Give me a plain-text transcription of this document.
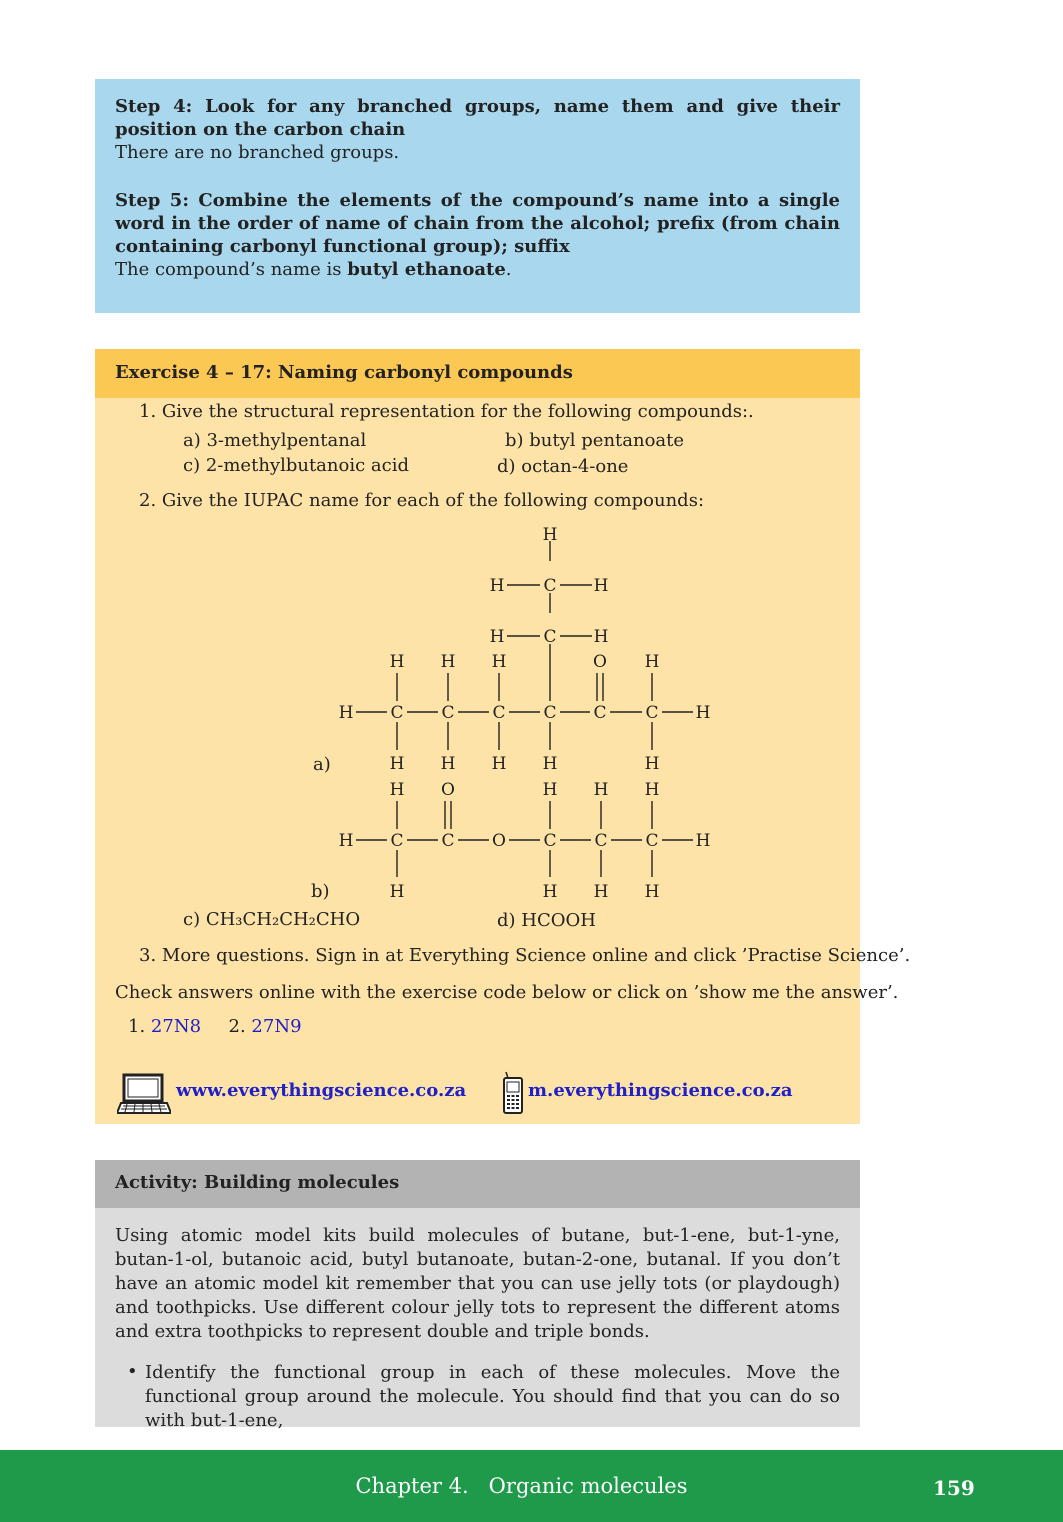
Step 4: Look for any branched groups, name them and give their position on the carbon chain

There are no branched groups.

Step 5: Combine the elements of the compound’s name into a single word in the order of name of chain from the alcohol; prefix (from chain containing carbonyl functional group); suffix

The compound’s name is butyl ethanoate.

Exercise 4 – 17: Naming carbonyl compounds
1. Give the structural representation for the following compounds:.
a) 3-methylpentanal	b) butyl pentanoate
c) 2-methylbutanoic acid	d) octan-4-one
2. Give the IUPAC name for each of the following compounds:
a)
b)
H
H C H
H C H
H H H	O H
H C C C C C C H
H H H H	H
H O	H H H
H C C O C C C H
H	H H H
c) CH₃CH₂CH₂CHO	d) HCOOH
3. More questions. Sign in at Everything Science online and click ’Practise Science’.
Check answers online with the exercise code below or click on ’show me the answer’.
1. 27N8 2. 27N9
www.everythingscience.co.za	m.everythingscience.co.za
Activity: Building molecules
Using atomic model kits build molecules of butane, but-1-ene, but-1-yne, butan-1-ol, butanoic acid, butyl butanoate, butan-2-one, butanal. If you don’t have an atomic model kit remember that you can use jelly tots (or playdough) and toothpicks. Use different colour jelly tots to represent the different atoms and extra toothpicks to represent double and triple bonds.
• Identify the functional group in each of these molecules. Move the functional group around the molecule. You should find that you can do so with but-1-ene,
Chapter 4.   Organic molecules	159
